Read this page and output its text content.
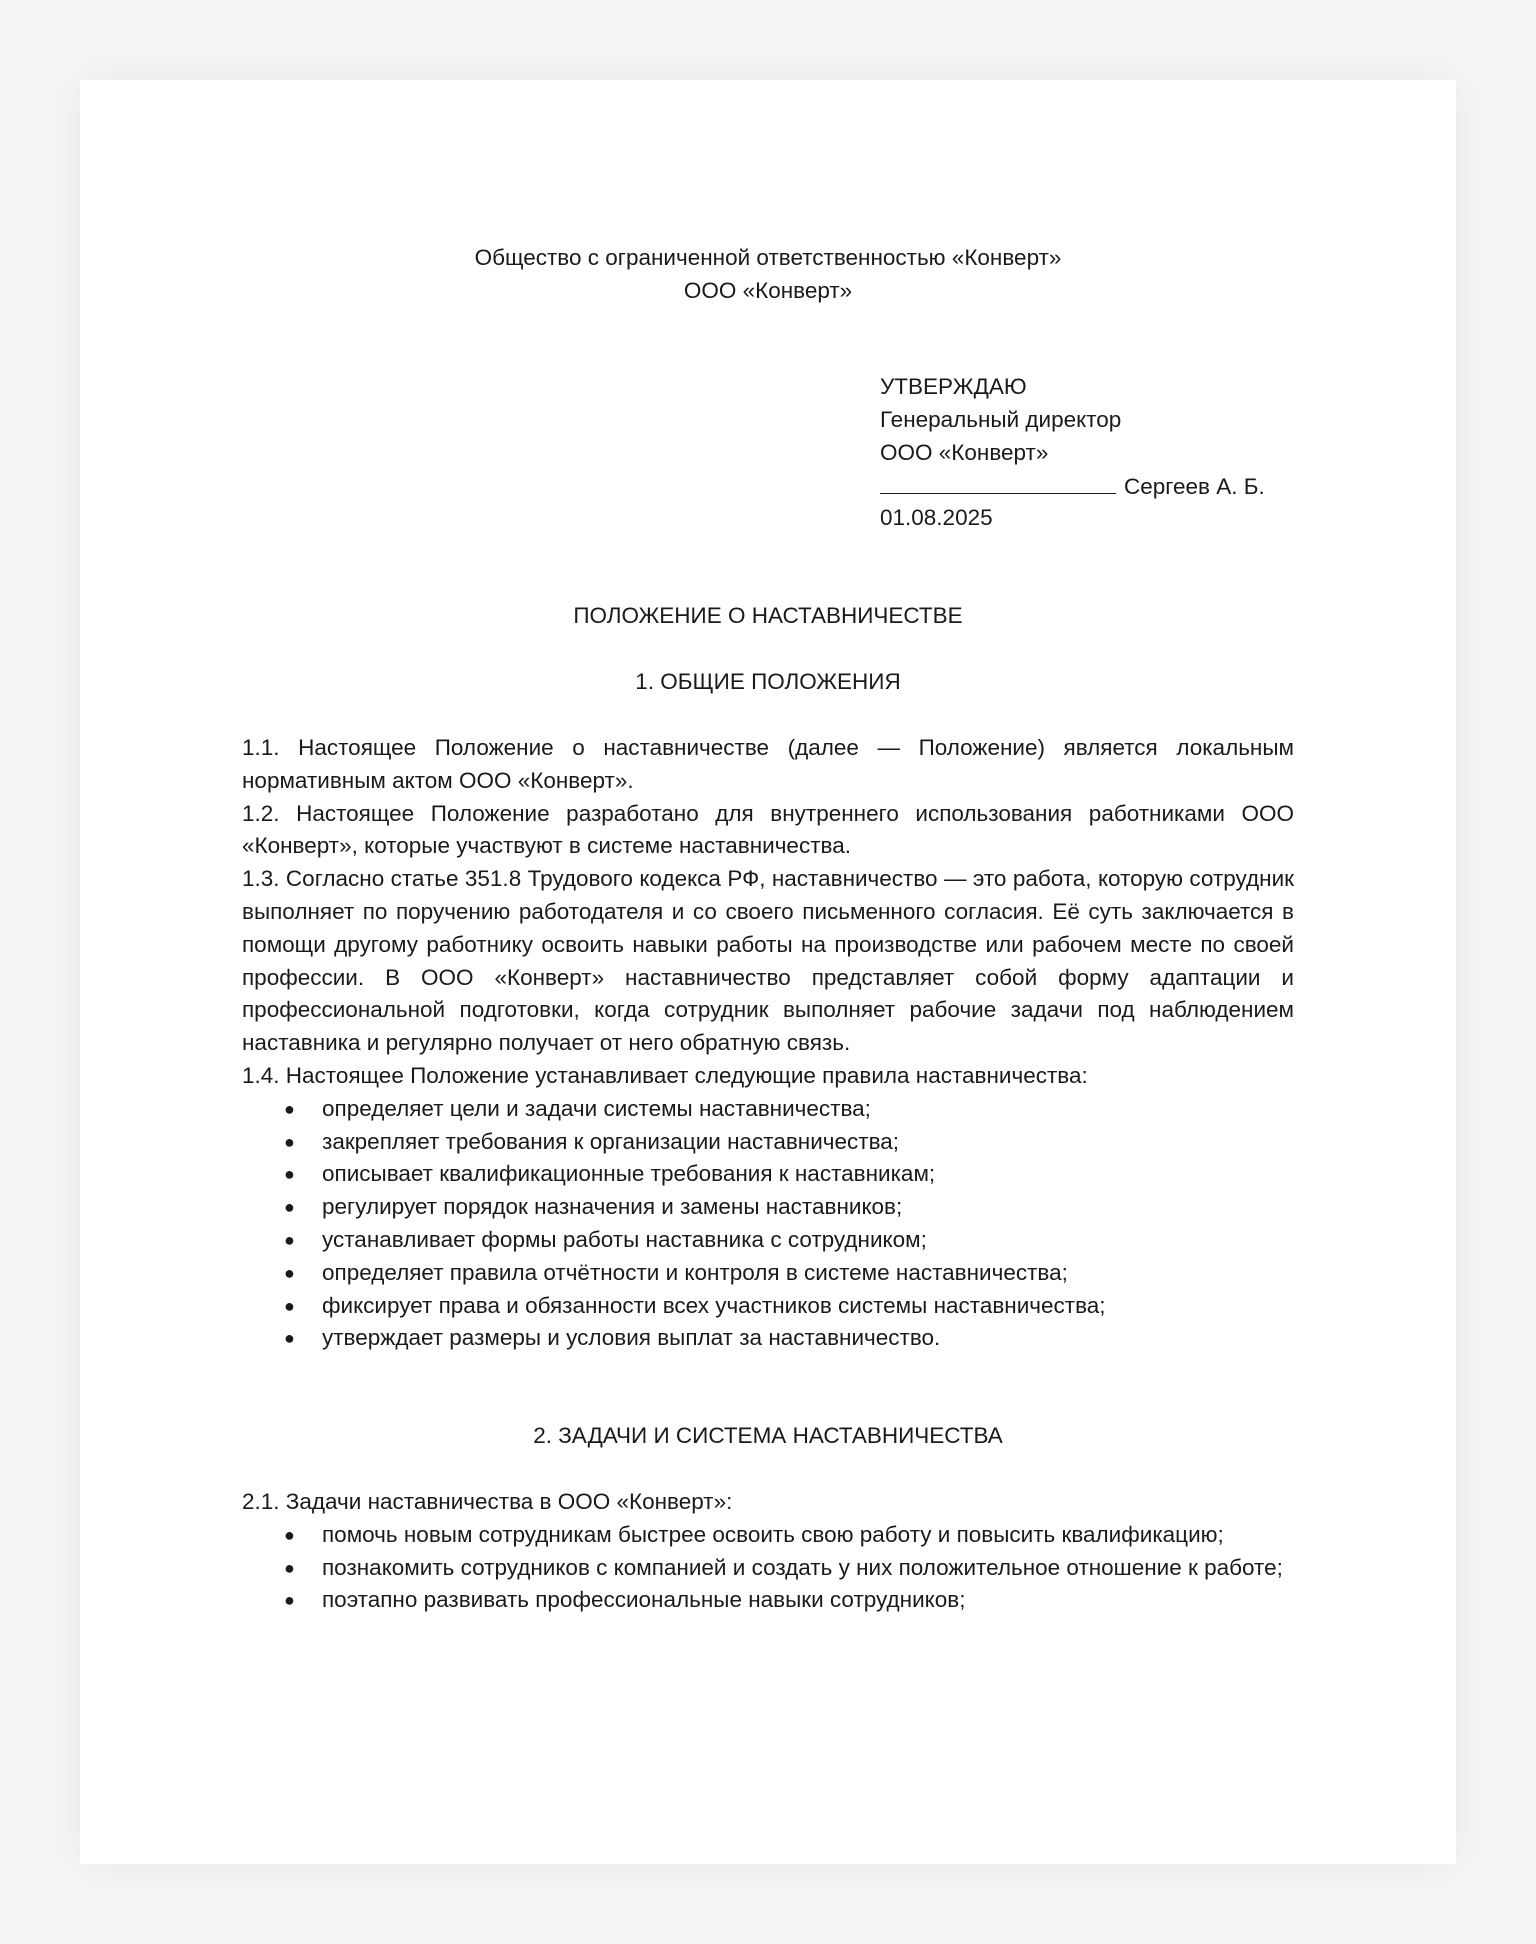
Общество с ограниченной ответственностью «Конверт»
ООО «Конверт»
УТВЕРЖДАЮ
Генеральный директор
ООО «Конверт»
Сергеев А. Б.
01.08.2025
ПОЛОЖЕНИЕ О НАСТАВНИЧЕСТВЕ
1. ОБЩИЕ ПОЛОЖЕНИЯ

1.1. Настоящее Положение о наставничестве (далее — Положение) является локальным нормативным актом ООО «Конверт».

1.2. Настоящее Положение разработано для внутреннего использования работниками ООО «Конверт», которые участвуют в системе наставничества.

1.3. Согласно статье 351.8 Трудового кодекса РФ, наставничество — это работа, которую сотрудник выполняет по поручению работодателя и со своего письменного согласия. Её суть заключается в помощи другому работнику освоить навыки работы на производстве или рабочем месте по своей профессии. В ООО «Конверт» наставничество представляет собой форму адаптации и профессиональной подготовки, когда сотрудник выполняет рабочие задачи под наблюдением наставника и регулярно получает от него обратную связь.

1.4. Настоящее Положение устанавливает следующие правила наставничества:

● определяет цели и задачи системы наставничества;
● закрепляет требования к организации наставничества;
● описывает квалификационные требования к наставникам;
● регулирует порядок назначения и замены наставников;
● устанавливает формы работы наставника с сотрудником;
● определяет правила отчётности и контроля в системе наставничества;
● фиксирует права и обязанности всех участников системы наставничества;
● утверждает размеры и условия выплат за наставничество.
2. ЗАДАЧИ И СИСТЕМА НАСТАВНИЧЕСТВА

2.1. Задачи наставничества в ООО «Конверт»:

● помочь новым сотрудникам быстрее освоить свою работу и повысить квалификацию;
● познакомить сотрудников с компанией и создать у них положительное отношение к работе;
● поэтапно развивать профессиональные навыки сотрудников;
